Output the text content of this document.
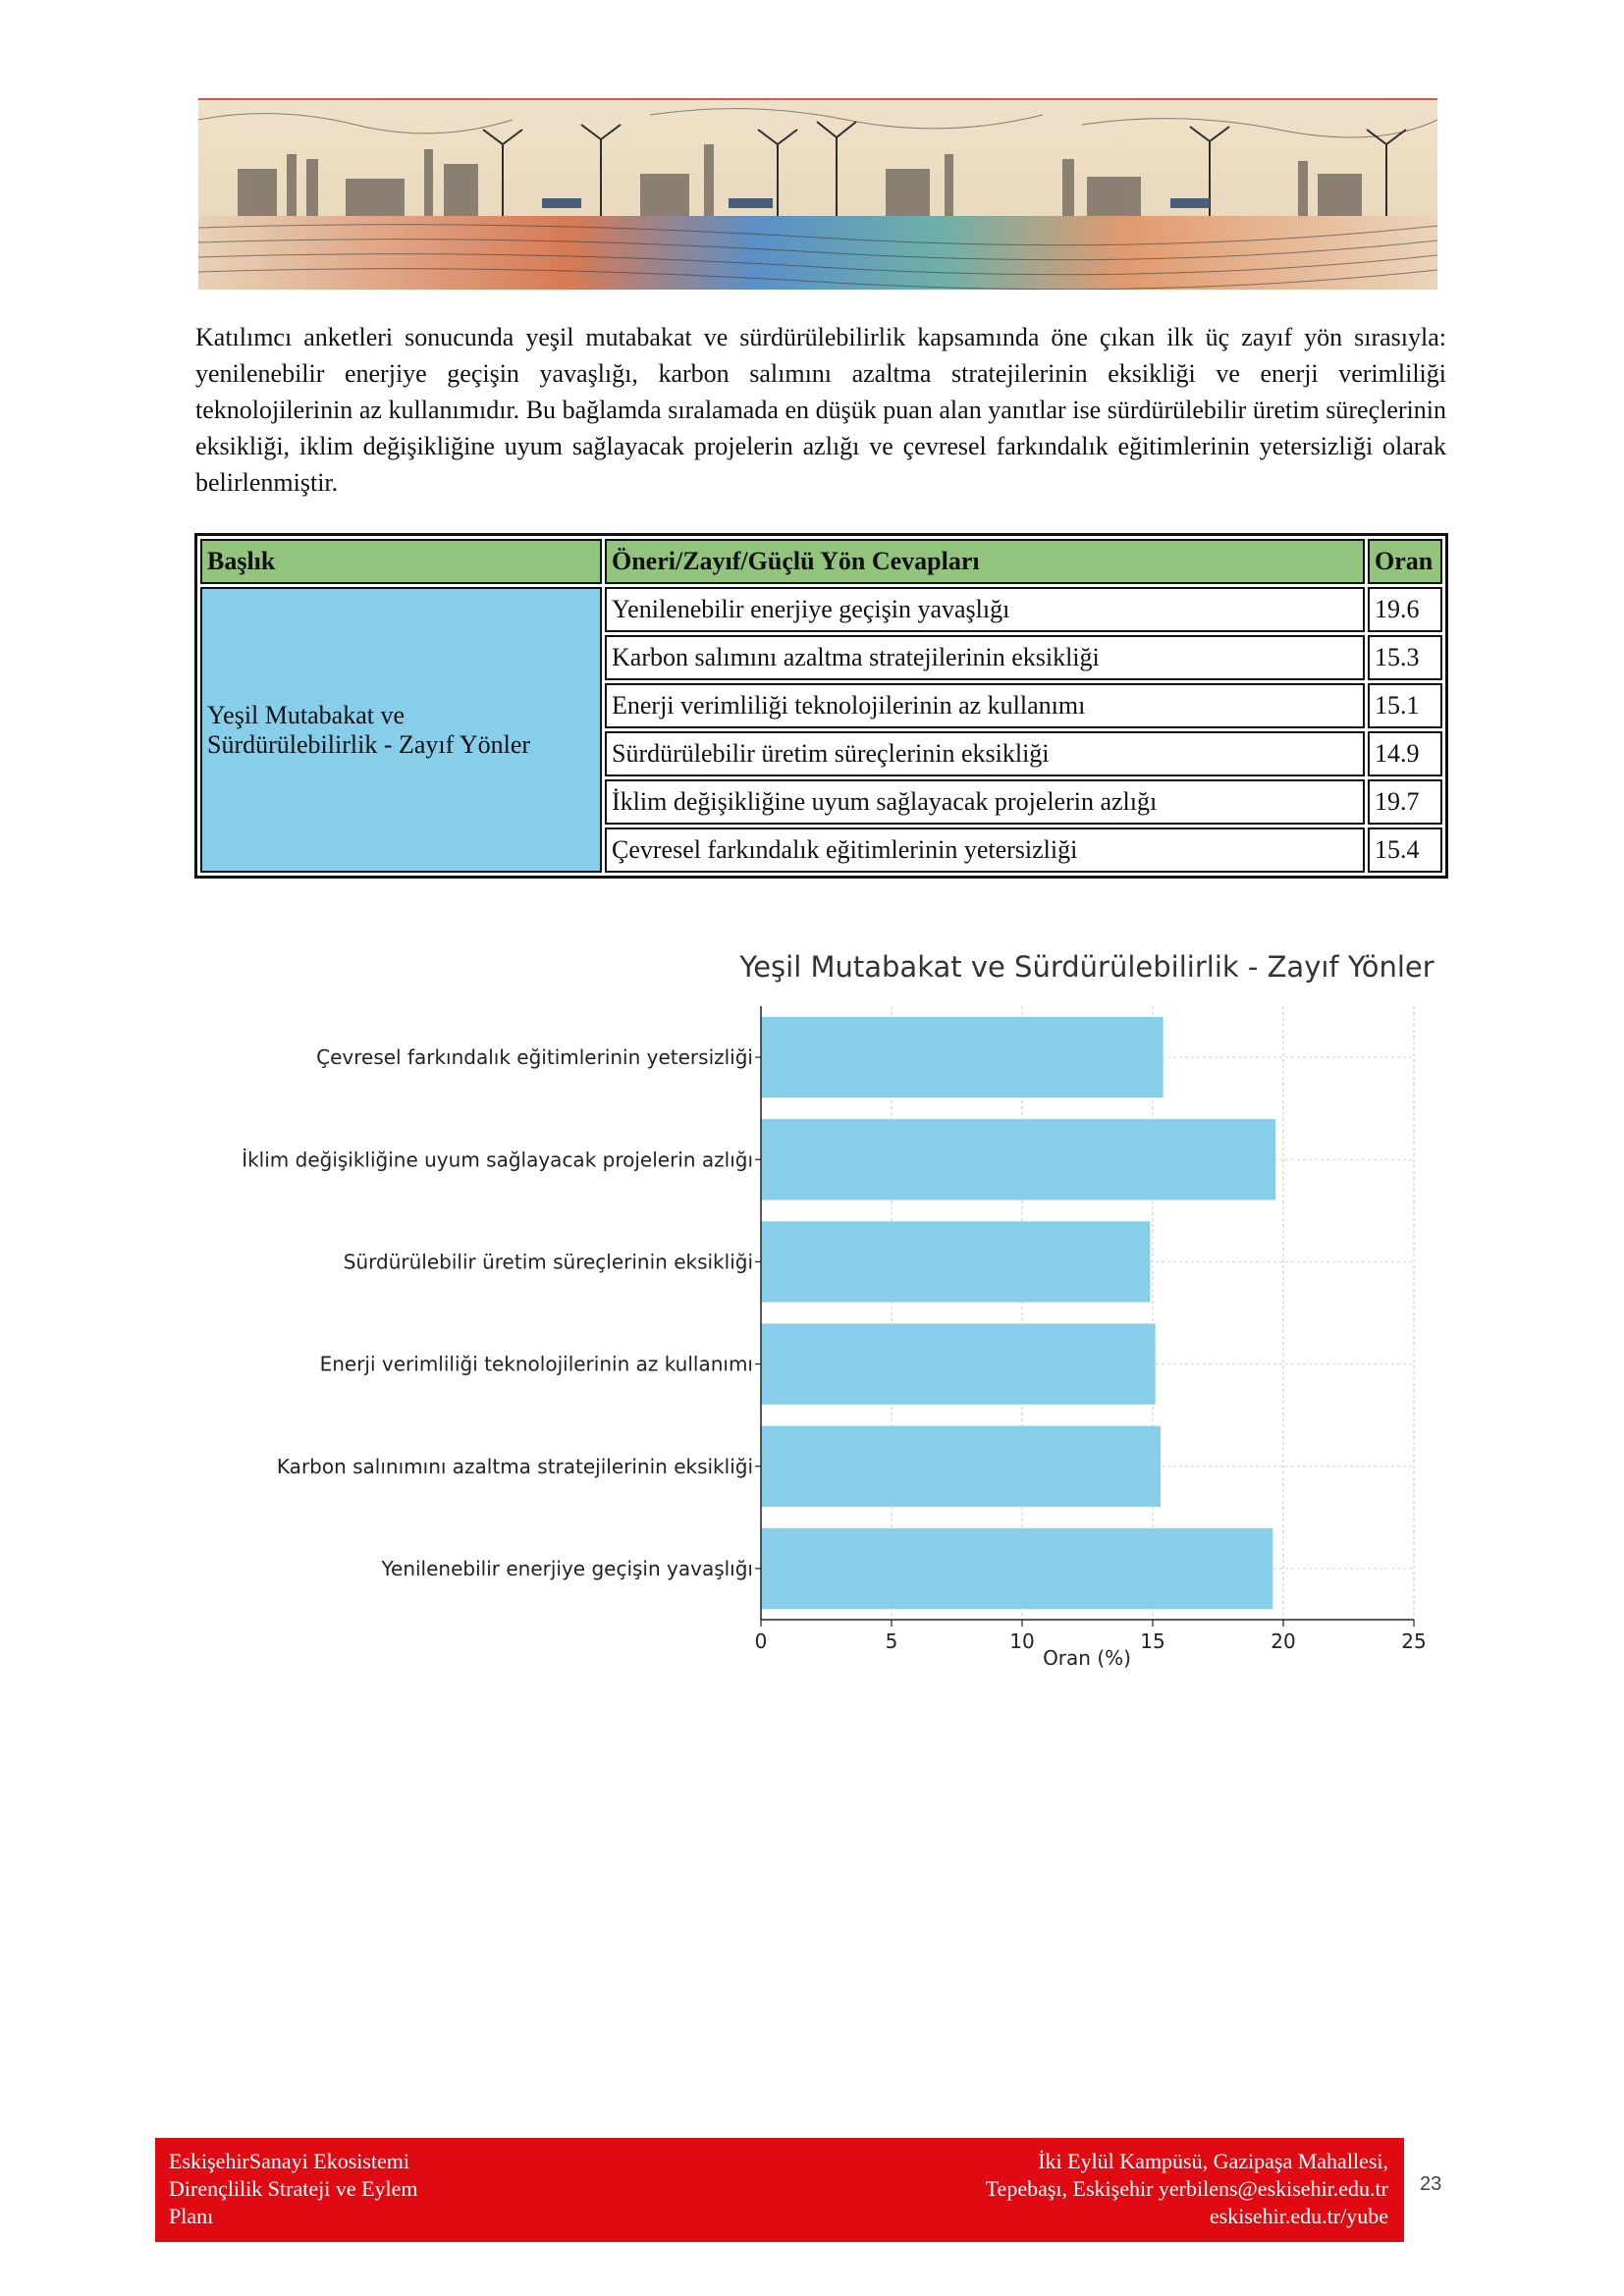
Katılımcı anketleri sonucunda yeşil mutabakat ve sürdürülebilirlik kapsamında öne çıkan ilk üç zayıf yön sırasıyla: yenilenebilir enerjiye geçişin yavaşlığı, karbon salımını azaltma stratejilerinin eksikliği ve enerji verimliliği teknolojilerinin az kullanımıdır. Bu bağlamda sıralamada en düşük puan alan yanıtlar ise sürdürülebilir üretim süreçlerinin eksikliği, iklim değişikliğine uyum sağlayacak projelerin azlığı ve çevresel farkındalık eğitimlerinin yetersizliği olarak belirlenmiştir.

Başlık	Öneri/Zayıf/Güçlü Yön Cevapları	Oran
Yeşil Mutabakat ve
Sürdürülebilirlik - Zayıf Yönler	Yenilenebilir enerjiye geçişin yavaşlığı	19.6
	Karbon salımını azaltma stratejilerinin eksikliği	15.3
	Enerji verimliliği teknolojilerinin az kullanımı	15.1
	Sürdürülebilir üretim süreçlerinin eksikliği	14.9
	İklim değişikliğine uyum sağlayacak projelerin azlığı	19.7
	Çevresel farkındalık eğitimlerinin yetersizliği	15.4
Yeşil Mutabakat ve Sürdürülebilirlik - Zayıf Yönler
Yenilenebilir enerjiye geçişin yavaşlığı
Karbon salınımını azaltma stratejilerinin eksikliği
Enerji verimliliği teknolojilerinin az kullanımı
Sürdürülebilir üretim süreçlerinin eksikliği
İklim değişikliğine uyum sağlayacak projelerin azlığı
Çevresel farkındalık eğitimlerinin yetersizliği
0	5	10	15	20	25
Oran (%)
EskişehirSanayi Ekosistemi
Dirençlilik Strateji ve Eylem
Planı
İki Eylül Kampüsü, Gazipaşa Mahallesi,
Tepebaşı, Eskişehir yerbilens@eskisehir.edu.tr
eskisehir.edu.tr/yube
23
